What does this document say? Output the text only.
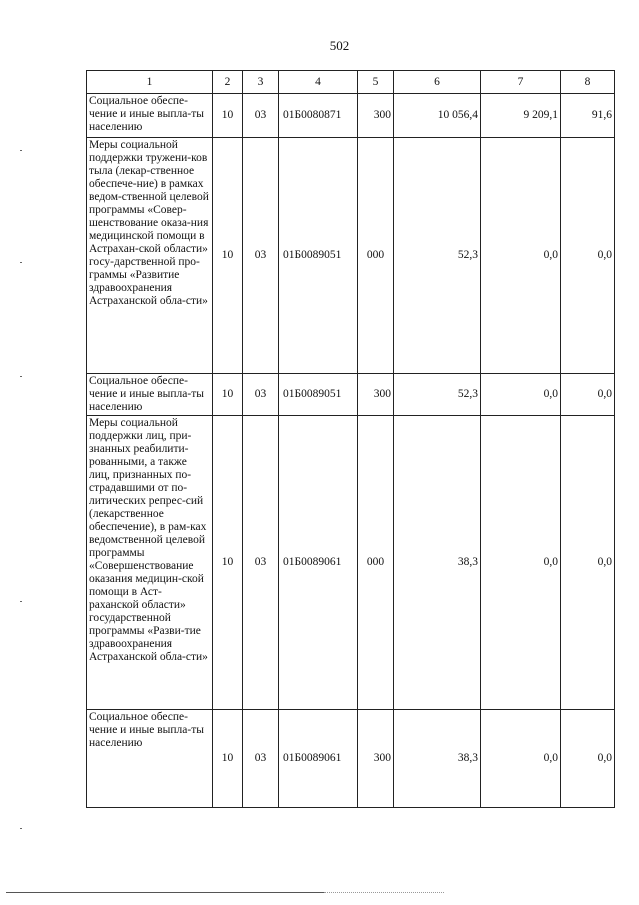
502
1	2	3	4	5	6	7	8
Социальное обеспе-чение и иные выпла-ты населению	10	03	01Б0080871	300	10 056,4	9 209,1	91,6
Меры социальной поддержки тружени-ков тыла (лекар-ственное обеспече-ние) в рамках ведом-ственной целевой программы «Совер-шенствование оказа-ния медицинской помощи в Астрахан-ской области» госу-дарственной про-граммы «Развитие здравоохранения Астраханской обла-сти»	10	03	01Б0089051	000	52,3	0,0	0,0
Социальное обеспе-чение и иные выпла-ты населению	10	03	01Б0089051	300	52,3	0,0	0,0
Меры социальной поддержки лиц, при-знанных реабилити-рованными, а также лиц, признанных по-страдавшими от по-литических репрес-сий (лекарственное обеспечение), в рам-ках ведомственной целевой программы «Совершенствование оказания медицин-ской помощи в Аст-раханской области» государственной программы «Разви-тие здравоохранения Астраханской обла-сти»	10	03	01Б0089061	000	38,3	0,0	0,0
Социальное обеспе-чение и иные выпла-ты населению	10	03	01Б0089061	300	38,3	0,0	0,0
